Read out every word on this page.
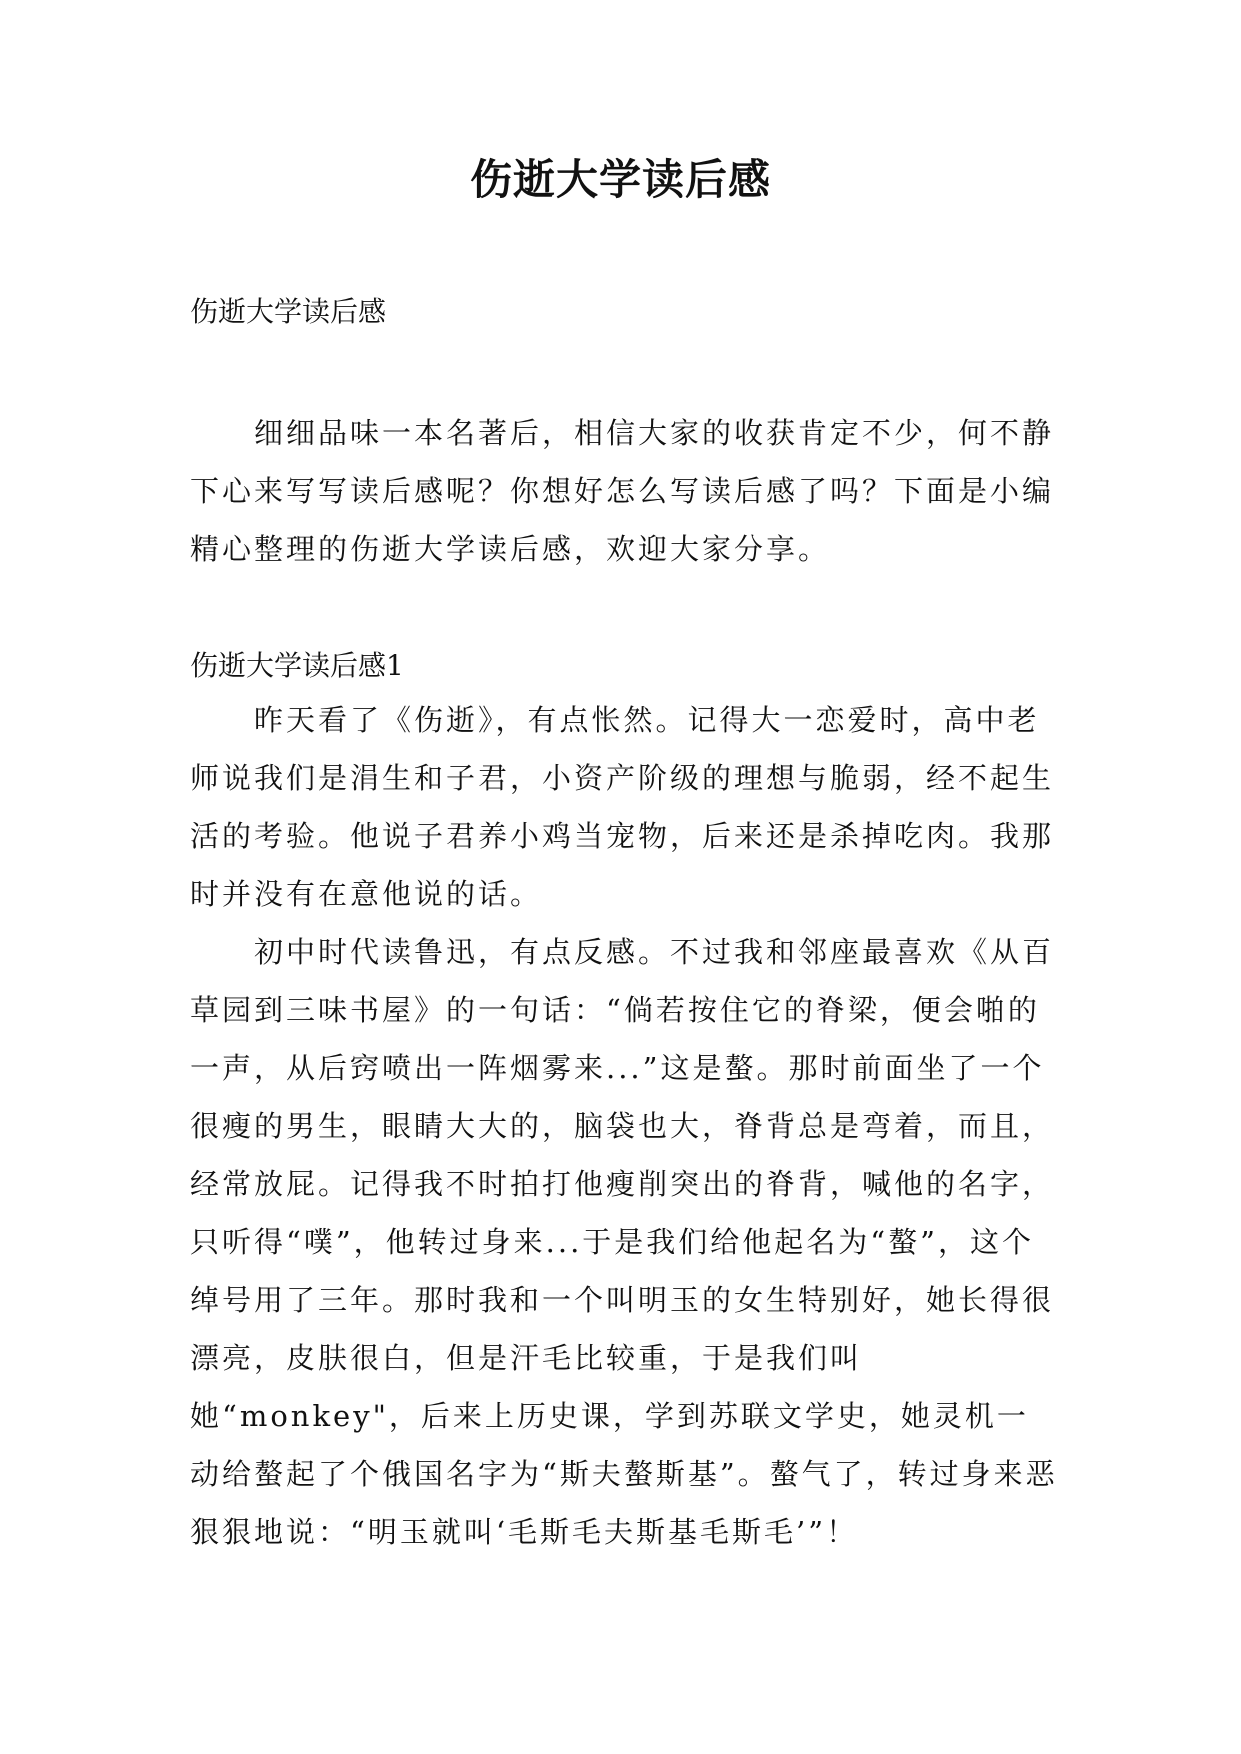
伤逝大学读后感
伤逝大学读后感

细细品味一本名著后，相信大家的收获肯定不少，何不静下心来写写读后感呢？你想好怎么写读后感了吗？下面是小编精心整理的伤逝大学读后感，欢迎大家分享。

伤逝大学读后感1

昨天看了《伤逝》，有点怅然。记得大一恋爱时，高中老师说我们是涓生和子君，小资产阶级的理想与脆弱，经不起生活的考验。他说子君养小鸡当宠物，后来还是杀掉吃肉。我那时并没有在意他说的话。

初中时代读鲁迅，有点反感。不过我和邻座最喜欢《从百草园到三味书屋》的一句话：“倘若按住它的脊梁，便会啪的一声，从后窍喷出一阵烟雾来...”这是螯。那时前面坐了一个很瘦的男生，眼睛大大的，脑袋也大，脊背总是弯着，而且，经常放屁。记得我不时拍打他瘦削突出的脊背，喊他的名字，只听得“噗”，他转过身来...于是我们给他起名为“螯”，这个绰号用了三年。那时我和一个叫明玉的女生特别好，她长得很漂亮，皮肤很白，但是汗毛比较重，于是我们叫她“monkey"，后来上历史课，学到苏联文学史，她灵机一动给螯起了个俄国名字为“斯夫螯斯基”。螯气了，转过身来恶狠狠地说：“明玉就叫‘毛斯毛夫斯基毛斯毛’”！
